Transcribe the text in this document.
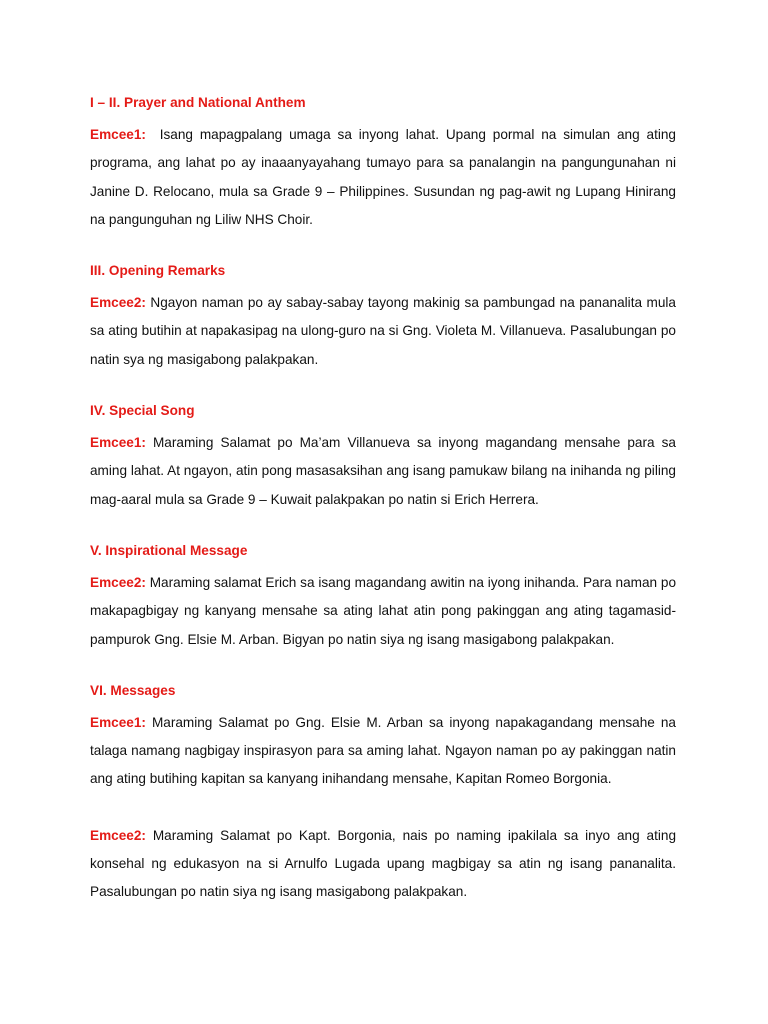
I – II. Prayer and National Anthem

Emcee1: Isang mapagpalang umaga sa inyong lahat. Upang pormal na simulan ang ating programa, ang lahat po ay inaaanyayahang tumayo para sa panalangin na pangungunahan ni Janine D. Relocano, mula sa Grade 9 – Philippines. Susundan ng pag-awit ng Lupang Hinirang na pangunguhan ng Liliw NHS Choir.

III. Opening Remarks

Emcee2: Ngayon naman po ay sabay-sabay tayong makinig sa pambungad na pananalita mula sa ating butihin at napakasipag na ulong-guro na si Gng. Violeta M. Villanueva. Pasalubungan po natin sya ng masigabong palakpakan.

IV. Special Song

Emcee1: Maraming Salamat po Ma’am Villanueva sa inyong magandang mensahe para sa aming lahat. At ngayon, atin pong masasaksihan ang isang pamukaw bilang na inihanda ng piling mag-aaral mula sa Grade 9 – Kuwait palakpakan po natin si Erich Herrera.

V. Inspirational Message

Emcee2: Maraming salamat Erich sa isang magandang awitin na iyong inihanda. Para naman po makapagbigay ng kanyang mensahe sa ating lahat atin pong pakinggan ang ating tagamasid-pampurok Gng. Elsie M. Arban. Bigyan po natin siya ng isang masigabong palakpakan.

VI. Messages

Emcee1: Maraming Salamat po Gng. Elsie M. Arban sa inyong napakagandang mensahe na talaga namang nagbigay inspirasyon para sa aming lahat. Ngayon naman po ay pakinggan natin ang ating butihing kapitan sa kanyang inihandang mensahe, Kapitan Romeo Borgonia.

Emcee2: Maraming Salamat po Kapt. Borgonia, nais po naming ipakilala sa inyo ang ating konsehal ng edukasyon na si Arnulfo Lugada upang magbigay sa atin ng isang pananalita. Pasalubungan po natin siya ng isang masigabong palakpakan.
